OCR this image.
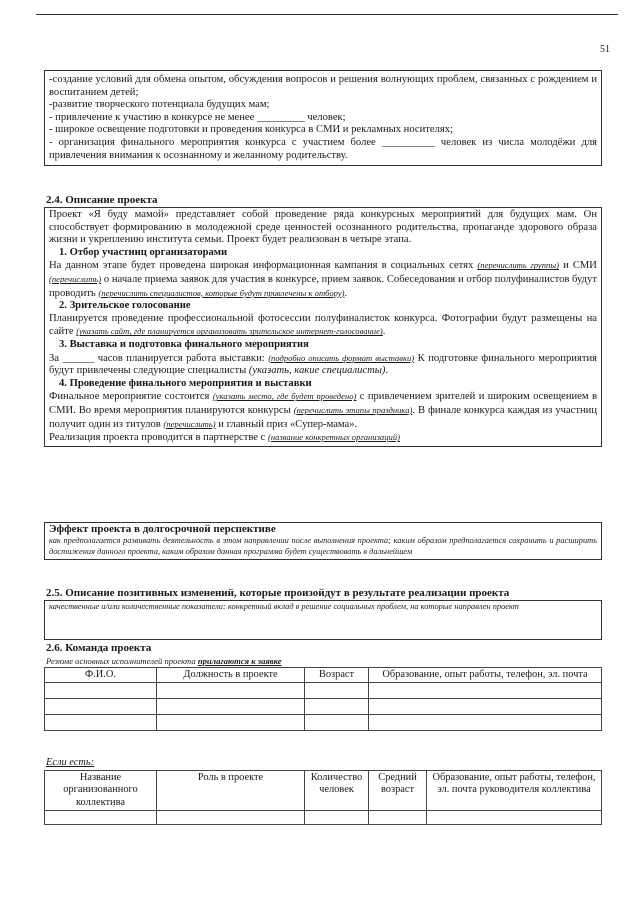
51
-создание условий для обмена опытом, обсуждения вопросов и решения волнующих проблем, связанных с рождением и воспитанием детей;
-развитие творческого потенциала будущих мам;
- привлечение к участию в конкурсе не менее _________ человек;
- широкое освещение подготовки и проведения конкурса в СМИ и рекламных носителях;
- организация финального мероприятия конкурса с участием более __________ человек из числа молодёжи для привлечения внимания к осознанному и желанному родительству.
2.4. Описание проекта
Проект «Я буду мамой» представляет собой проведение ряда конкурсных мероприятий для будущих мам. Он способствует формированию в молодежной среде ценностей осознанного родительства, пропаганде здорового образа жизни и укреплению института семьи. Проект будет реализован в четыре этапа.
1. Отбор участниц организаторами
На данном этапе будет проведена широкая информационная кампания в социальных сетях (перечислить группы) и СМИ (перечислить) о начале приема заявок для участия в конкурсе, прием заявок. Собеседования и отбор полуфиналистов будут проводить (перечислить специалистов, которые будут привлечены к отбору).
2. Зрительское голосование
Планируется проведение профессиональной фотосессии полуфиналисток конкурса. Фотографии будут размещены на сайте (указать сайт, где планируется организовать зрительское интернет-голосование).
3. Выставка и подготовка финального мероприятия
За ______ часов планируется работа выставки: (подробно описать формат выставки) К подготовке финального мероприятия будут привлечены следующие специалисты (указать, какие специалисты).
4. Проведение финального мероприятия и выставки
Финальное мероприятие состоится (указать место, где будет проведено) с привлечением зрителей и широким освещением в СМИ. Во время мероприятия планируются конкурсы (перечислить этапы праздника). В финале конкурса каждая из участниц получит один из титулов (перечислить) и главный приз «Супер-мама».
Реализация проекта проводится в партнерстве с (название конкретных организаций)
Эффект проекта в долгосрочной перспективе
как предполагается развивать деятельность в этом направлении после выполнения проекта; каким образом предполагается сохранить и расширить достижения данного проекта, каким образом данная программа будет существовать в дальнейшем
2.5. Описание позитивных изменений, которые произойдут в результате реализации проекта
качественные и/или количественные показатели: конкретный вклад в решение социальных проблем, на которые направлен проект
2.6. Команда проекта
Резюме основных исполнителей проекта прилагаются к заявке
Ф.И.О.	Должность в проекте	Возраст	Образование, опыт работы, телефон, эл. почта

Если есть:
Название организованного коллектива	Роль в проекте	Количество человек	Средний возраст	Образование, опыт работы, телефон, эл. почта руководителя коллектива
